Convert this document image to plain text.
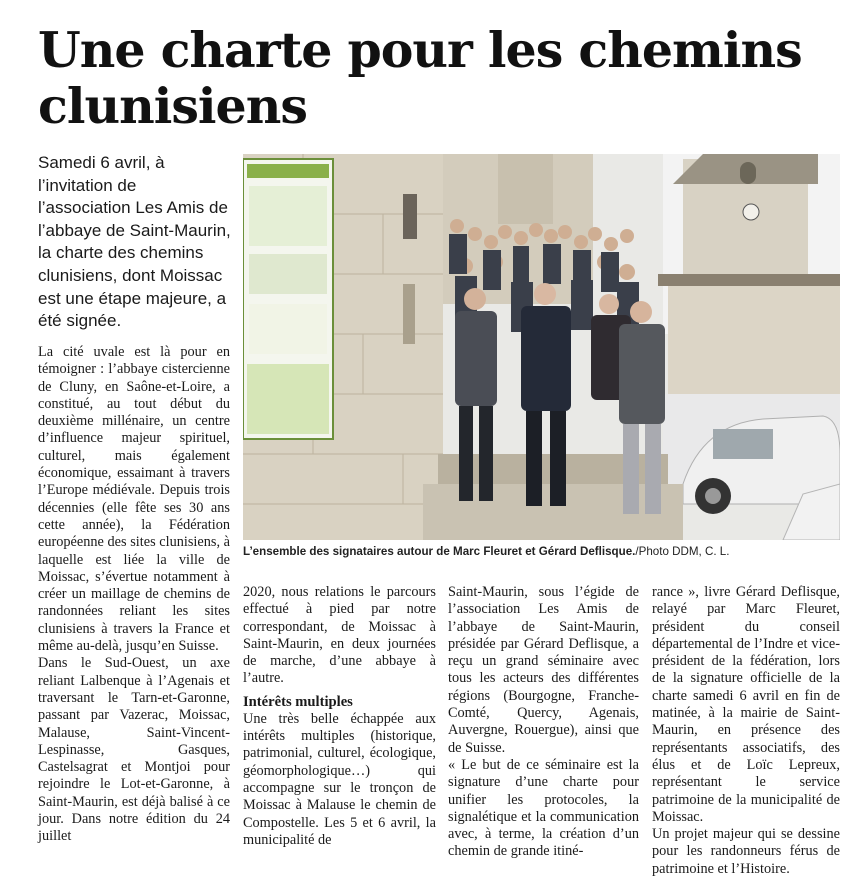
Une charte pour les chemins clunisiens

Samedi 6 avril, à l’invitation de l’association Les Amis de l’abbaye de Saint-Maurin, la charte des chemins clunisiens, dont Moissac est une étape majeure, a été signée.

La cité uvale est là pour en témoigner : l’abbaye cistercienne de Cluny, en Saône-et-Loire, a constitué, au tout début du deuxième millénaire, un centre d’influence majeur spirituel, culturel, mais également économique, essaimant à travers l’Europe médiévale. Depuis trois décennies (elle fête ses 30 ans cette année), la Fédération européenne des sites clunisiens, à laquelle est liée la ville de Moissac, s’évertue notamment à créer un maillage de chemins de randonnées reliant les sites clunisiens à travers la France et même au-delà, jusqu’en Suisse.

Dans le Sud-Ouest, un axe reliant Lalbenque à l’Agenais et traversant le Tarn-et-Garonne, passant par Vazerac, Moissac, Malause, Saint-Vincent-Lespinasse, Gasques, Castelsagrat et Montjoi pour rejoindre le Lot-et-Garonne, à Saint-Maurin, est déjà balisé à ce jour. Dans notre édition du 24 juillet

L’ensemble des signataires autour de Marc Fleuret et Gérard Deflisque./Photo DDM, C. L.

2020, nous relations le parcours effectué à pied par notre correspondant, de Moissac à Saint-Maurin, en deux journées de marche, d’une abbaye à l’autre.

Intérêts multiples

Une très belle échappée aux intérêts multiples (historique, patrimonial, culturel, écologique, géomorphologique…) qui accompagne sur le tronçon de Moissac à Malause le chemin de Compostelle. Les 5 et 6 avril, la municipalité de

Saint-Maurin, sous l’égide de l’association Les Amis de l’abbaye de Saint-Maurin, présidée par Gérard Deflisque, a reçu un grand séminaire avec tous les acteurs des différentes régions (Bourgogne, Franche-Comté, Quercy, Agenais, Auvergne, Rouergue), ainsi que de Suisse.

« Le but de ce séminaire est la signature d’une charte pour unifier les protocoles, la signalétique et la communication avec, à terme, la création d’un chemin de grande itiné-

rance », livre Gérard Deflisque, relayé par Marc Fleuret, président du conseil départemental de l’Indre et vice-président de la fédération, lors de la signature officielle de la charte samedi 6 avril en fin de matinée, à la mairie de Saint-Maurin, en présence des représentants associatifs, des élus et de Loïc Lepreux, représentant le service patrimoine de la municipalité de Moissac.

Un projet majeur qui se dessine pour les randonneurs férus de patrimoine et l’Histoire.
